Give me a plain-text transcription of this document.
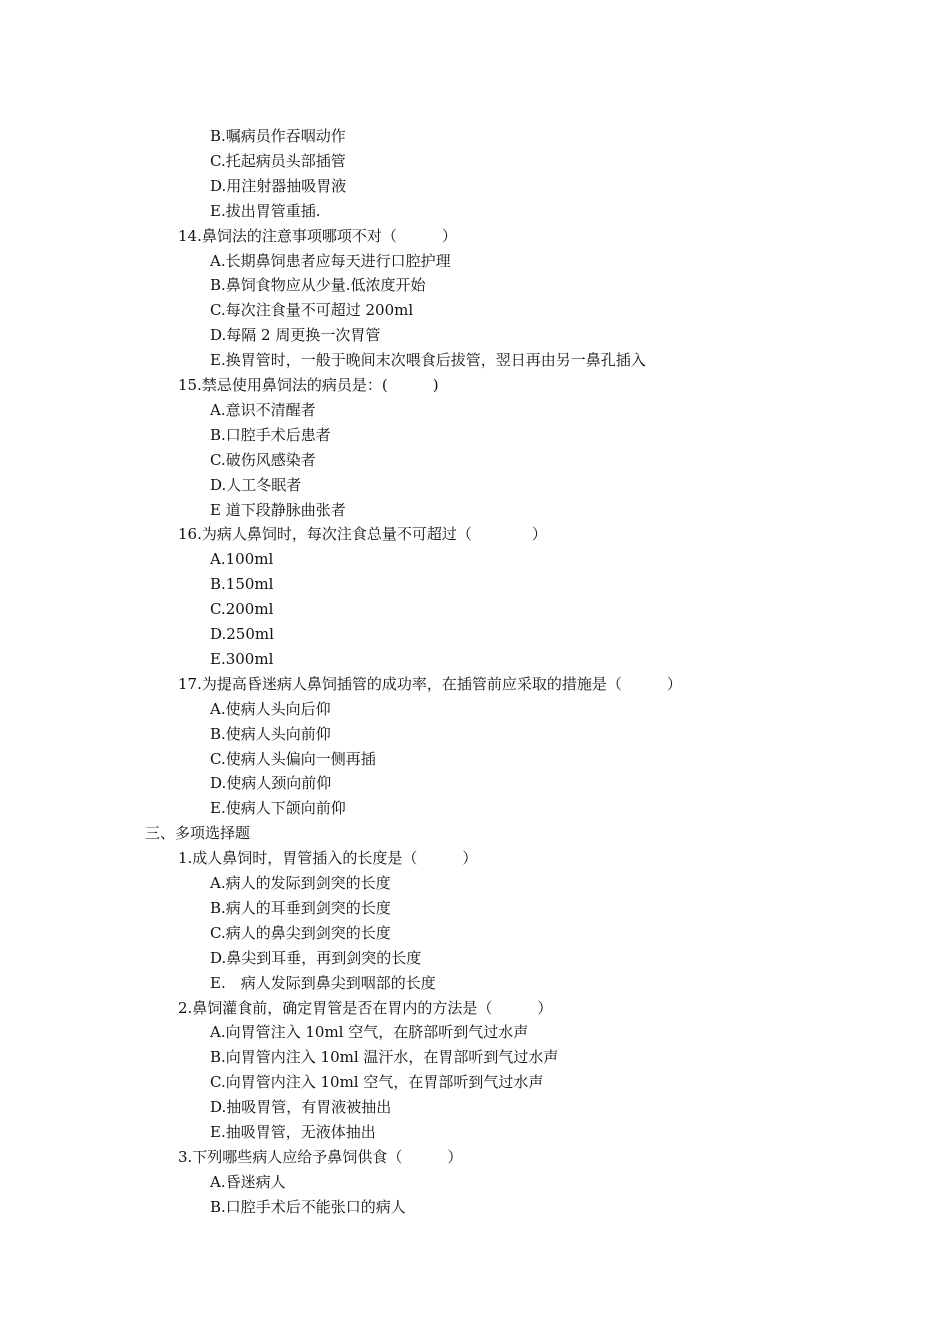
B.嘱病员作吞咽动作
C.托起病员头部插管
D.用注射器抽吸胃液
E.拔出胃管重插.
14.鼻饲法的注意事项哪项不对（　　　）
A.长期鼻饲患者应每天进行口腔护理
B.鼻饲食物应从少量.低浓度开始
C.每次注食量不可超过 200ml
D.每隔 2 周更换一次胃管
E.换胃管时，一般于晚间末次喂食后拔管，翌日再由另一鼻孔插入
15.禁忌使用鼻饲法的病员是：(　　　)
A.意识不清醒者
B.口腔手术后患者
C.破伤风感染者
D.人工冬眠者
E 道下段静脉曲张者
16.为病人鼻饲时，每次注食总量不可超过（　　　　）
A.100ml
B.150ml
C.200ml
D.250ml
E.300ml
17.为提高昏迷病人鼻饲插管的成功率，在插管前应采取的措施是（　　　）
A.使病人头向后仰
B.使病人头向前仰
C.使病人头偏向一侧再插
D.使病人颈向前仰
E.使病人下颌向前仰
三、多项选择题
1.成人鼻饲时，胃管插入的长度是（　　　）
A.病人的发际到剑突的长度
B.病人的耳垂到剑突的长度
C.病人的鼻尖到剑突的长度
D.鼻尖到耳垂，再到剑突的长度
E.　病人发际到鼻尖到咽部的长度
2.鼻饲灌食前，确定胃管是否在胃内的方法是（　　　）
A.向胃管注入 10ml 空气，在脐部听到气过水声
B.向胃管内注入 10ml 温汗水，在胃部听到气过水声
C.向胃管内注入 10ml 空气，在胃部听到气过水声
D.抽吸胃管，有胃液被抽出
E.抽吸胃管，无液体抽出
3.下列哪些病人应给予鼻饲供食（　　　）
A.昏迷病人
B.口腔手术后不能张口的病人
